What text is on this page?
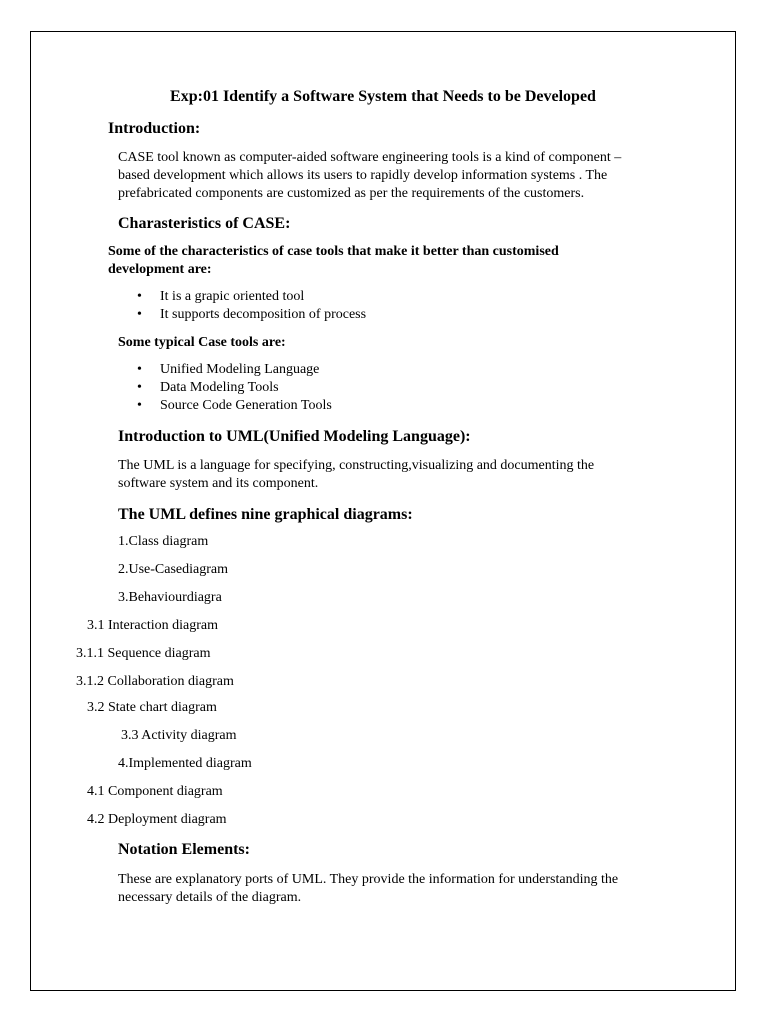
Exp:01 Identify a Software System that Needs to be Developed
Introduction:
CASE tool known as computer-aided software engineering tools is a kind of component –
based development which allows its users to rapidly develop information systems . The
prefabricated components are customized as per the requirements of the customers.
Charasteristics of CASE:
Some of the characteristics of case tools that make it better than customised
development are:
• It is a grapic oriented tool
• It supports decomposition of process
Some typical Case tools are:
• Unified Modeling Language
• Data Modeling Tools
• Source Code Generation Tools
Introduction to UML(Unified Modeling Language):
The UML is a language for specifying, constructing,visualizing and documenting the
software system and its component.
The UML defines nine graphical diagrams:
1.Class diagram
2.Use-Casediagram
3.Behaviourdiagra
3.1 Interaction diagram
3.1.1 Sequence diagram
3.1.2 Collaboration diagram
3.2 State chart diagram
3.3 Activity diagram
4.Implemented diagram
4.1 Component diagram
4.2 Deployment diagram
Notation Elements:
These are explanatory ports of UML. They provide the information for understanding the
necessary details of the diagram.
